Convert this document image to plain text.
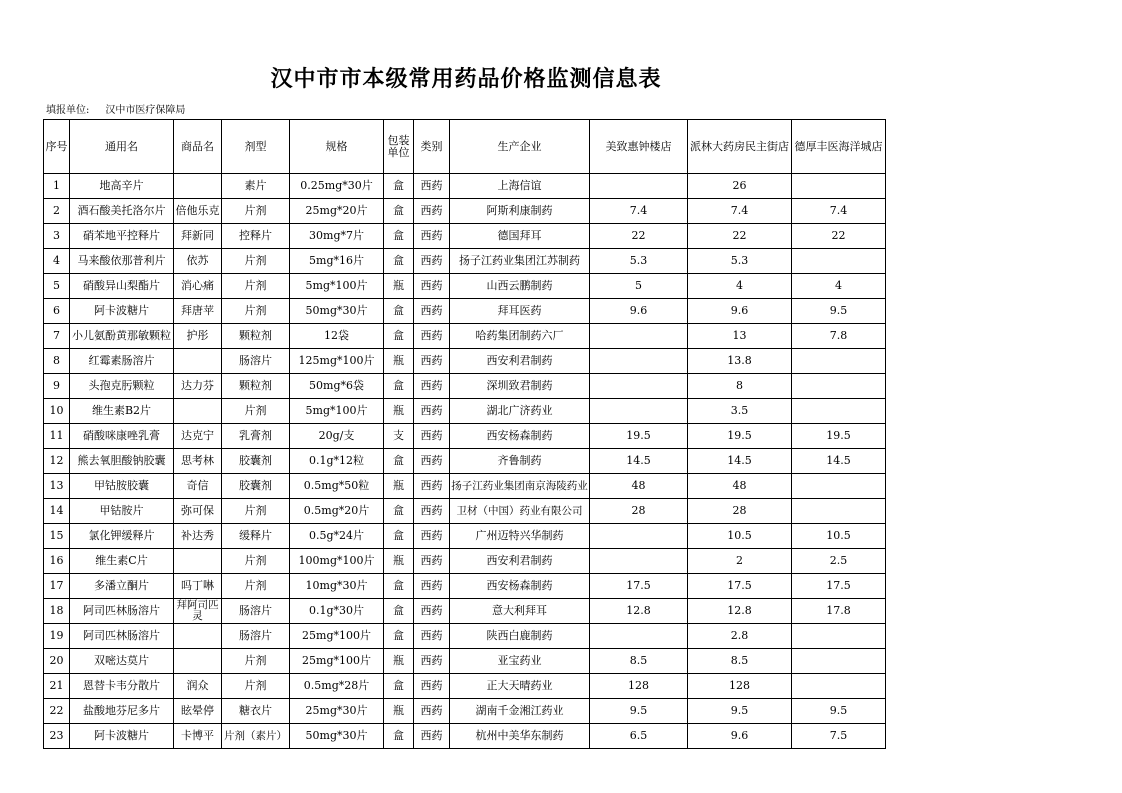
汉中市市本级常用药品价格监测信息表
填报单位: 汉中市医疗保障局
序号	通用名	商品名	剂型	规格	包装单位	类别	生产企业	美致惠钟楼店	派林大药房民主街店	德厚丰医海洋城店
1	地高辛片		素片	0.25mg*30片	盒	西药	上海信谊		26	
2	酒石酸美托洛尔片	倍他乐克	片剂	25mg*20片	盒	西药	阿斯利康制药	7.4	7.4	7.4
3	硝苯地平控释片	拜新同	控释片	30mg*7片	盒	西药	德国拜耳	22	22	22
4	马来酸依那普利片	依苏	片剂	5mg*16片	盒	西药	扬子江药业集团江苏制药	5.3	5.3	
5	硝酸异山梨酯片	消心痛	片剂	5mg*100片	瓶	西药	山西云鹏制药	5	4	4
6	阿卡波糖片	拜唐苹	片剂	50mg*30片	盒	西药	拜耳医药	9.6	9.6	9.5
7	小儿氨酚黄那敏颗粒	护彤	颗粒剂	12袋	盒	西药	哈药集团制药六厂		13	7.8
8	红霉素肠溶片		肠溶片	125mg*100片	瓶	西药	西安利君制药		13.8	
9	头孢克肟颗粒	达力芬	颗粒剂	50mg*6袋	盒	西药	深圳致君制药		8	
10	维生素B2片		片剂	5mg*100片	瓶	西药	湖北广济药业		3.5	
11	硝酸咪康唑乳膏	达克宁	乳膏剂	20g/支	支	西药	西安杨森制药	19.5	19.5	19.5
12	熊去氧胆酸钠胶囊	思考林	胶囊剂	0.1g*12粒	盒	西药	齐鲁制药	14.5	14.5	14.5
13	甲钴胺胶囊	奇信	胶囊剂	0.5mg*50粒	瓶	西药	扬子江药业集团南京海陵药业	48	48	
14	甲钴胺片	弥可保	片剂	0.5mg*20片	盒	西药	卫材（中国）药业有限公司	28	28	
15	氯化钾缓释片	补达秀	缓释片	0.5g*24片	盒	西药	广州迈特兴华制药		10.5	10.5
16	维生素C片		片剂	100mg*100片	瓶	西药	西安利君制药		2	2.5
17	多潘立酮片	吗丁啉	片剂	10mg*30片	盒	西药	西安杨森制药	17.5	17.5	17.5
18	阿司匹林肠溶片	拜阿司匹灵	肠溶片	0.1g*30片	盒	西药	意大利拜耳	12.8	12.8	17.8
19	阿司匹林肠溶片		肠溶片	25mg*100片	盒	西药	陕西白鹿制药		2.8	
20	双嘧达莫片		片剂	25mg*100片	瓶	西药	亚宝药业	8.5	8.5	
21	恩替卡韦分散片	润众	片剂	0.5mg*28片	盒	西药	正大天晴药业	128	128	
22	盐酸地芬尼多片	眩晕停	糖衣片	25mg*30片	瓶	西药	湖南千金湘江药业	9.5	9.5	9.5
23	阿卡波糖片	卡博平	片剂（素片）	50mg*30片	盒	西药	杭州中美华东制药	6.5	9.6	7.5
